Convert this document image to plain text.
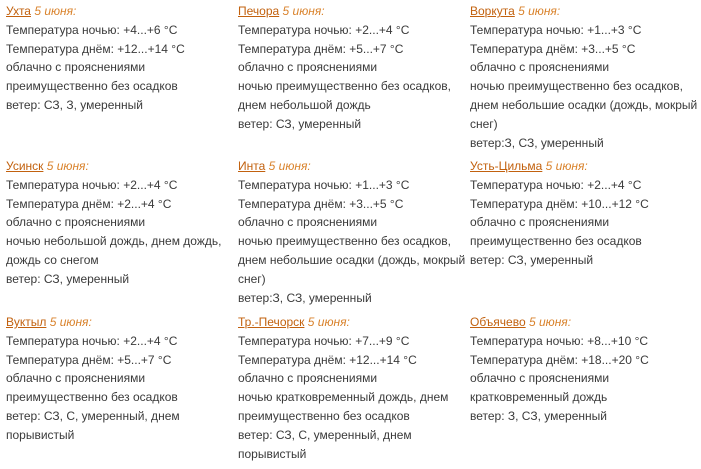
Ухта 5 июня:
Температура ночью: +4...+6 °C
Температура днём: +12...+14 °C
облачно с прояснениями
преимущественно без осадков
ветер: СЗ, З, умеренный
Печора 5 июня:
Температура ночью: +2...+4 °C
Температура днём: +5...+7 °C
облачно с прояснениями
ночью преимущественно без осадков,
днем небольшой дождь
ветер: СЗ, умеренный
Воркута 5 июня:
Температура ночью: +1...+3 °C
Температура днём: +3...+5 °C
облачно с прояснениями
ночью преимущественно без осадков,
днем небольшие осадки (дождь, мокрый
снег)
ветер:З, СЗ, умеренный
Усинск 5 июня:
Температура ночью: +2...+4 °C
Температура днём: +2...+4 °C
облачно с прояснениями
ночью небольшой дождь, днем дождь,
дождь со снегом
ветер: СЗ, умеренный
Инта 5 июня:
Температура ночью: +1...+3 °C
Температура днём: +3...+5 °C
облачно с прояснениями
ночью преимущественно без осадков,
днем небольшие осадки (дождь, мокрый
снег)
ветер:З, СЗ, умеренный
Усть-Цильма 5 июня:
Температура ночью: +2...+4 °C
Температура днём: +10...+12 °C
облачно с прояснениями
преимущественно без осадков
ветер: СЗ, умеренный
Вуктыл 5 июня:
Температура ночью: +2...+4 °C
Температура днём: +5...+7 °C
облачно с прояснениями
преимущественно без осадков
ветер: СЗ, С, умеренный, днем
порывистый
Тр.-Печорск 5 июня:
Температура ночью: +7...+9 °C
Температура днём: +12...+14 °C
облачно с прояснениями
ночью кратковременный дождь, днем
преимущественно без осадков
ветер: СЗ, С, умеренный, днем
порывистый
Объячево 5 июня:
Температура ночью: +8...+10 °C
Температура днём: +18...+20 °C
облачно с прояснениями
кратковременный дождь
ветер: З, СЗ, умеренный
